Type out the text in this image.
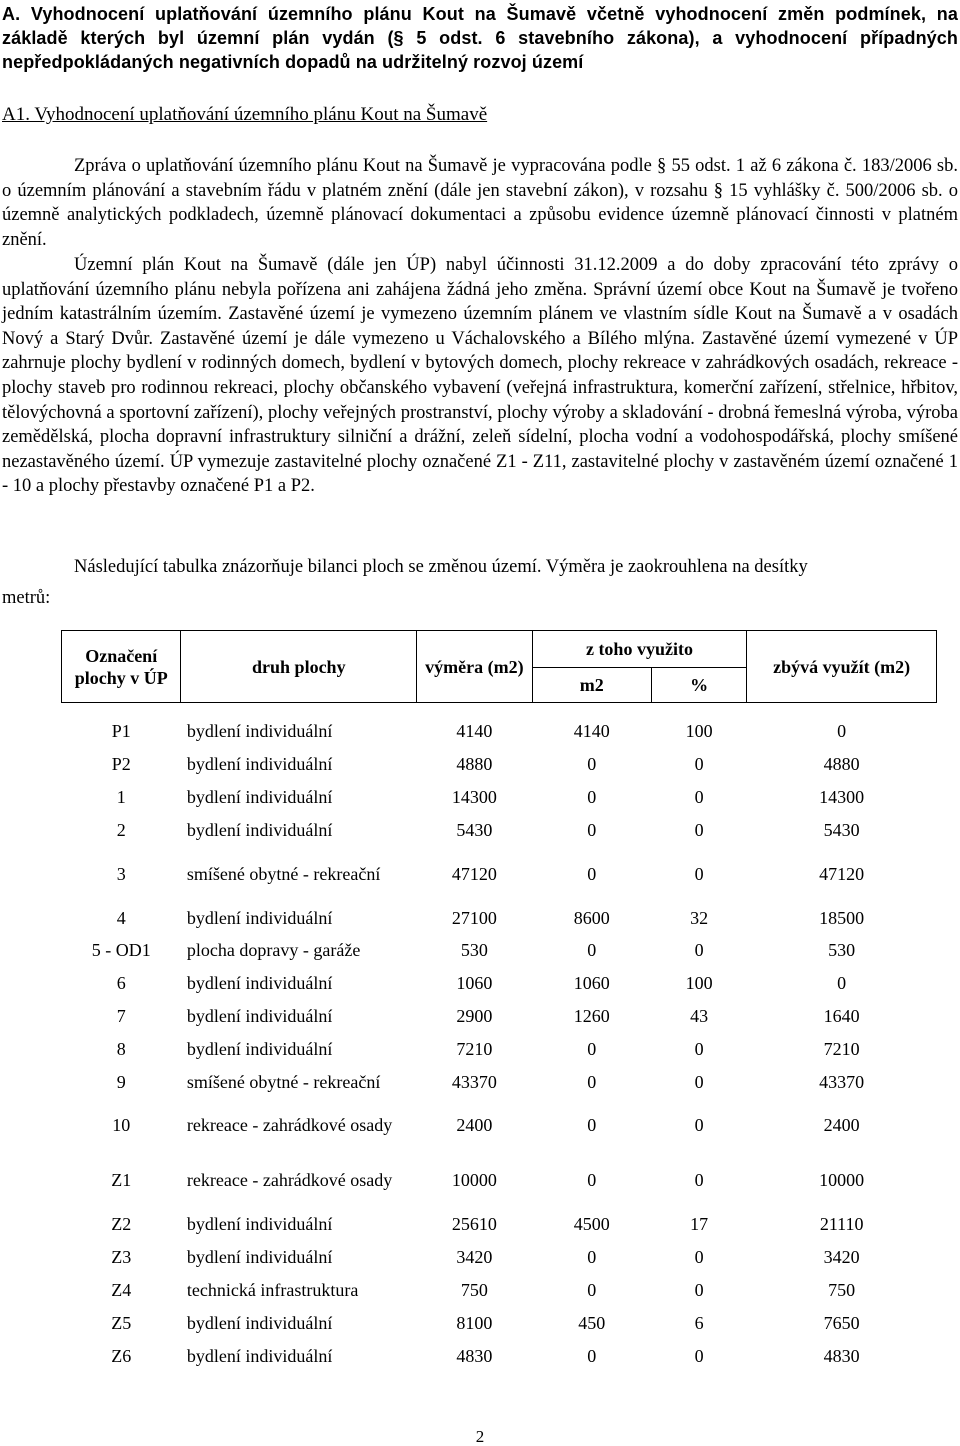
A. Vyhodnocení uplatňování územního plánu Kout na Šumavě včetně vyhodnocení změn podmínek, na základě kterých byl územní plán vydán (§ 5 odst. 6 stavebního zákona), a vyhodnocení případných nepředpokládaných negativních dopadů na udržitelný rozvoj území
A1. Vyhodnocení uplatňování územního plánu Kout na Šumavě
Zpráva o uplatňování územního plánu Kout na Šumavě je vypracována podle § 55 odst. 1 až 6 zákona č. 183/2006 sb. o územním plánování a stavebním řádu v platném znění (dále jen stavební zákon), v rozsahu § 15 vyhlášky č. 500/2006 sb. o územně analytických podkladech, územně plánovací dokumentaci a způsobu evidence územně plánovací činnosti v platném znění.
Územní plán Kout na Šumavě (dále jen ÚP) nabyl účinnosti 31.12.2009 a do doby zpracování této zprávy o uplatňování územního plánu nebyla pořízena ani zahájena žádná jeho změna. Správní území obce Kout na Šumavě je tvořeno jedním katastrálním územím. Zastavěné území je vymezeno územním plánem ve vlastním sídle Kout na Šumavě a v osadách Nový a Starý Dvůr. Zastavěné území je dále vymezeno u Váchalovského a Bílého mlýna. Zastavěné území vymezené v ÚP zahrnuje plochy bydlení v rodinných domech, bydlení v bytových domech, plochy rekreace v zahrádkových osadách, rekreace - plochy staveb pro rodinnou rekreaci, plochy občanského vybavení (veřejná infrastruktura, komerční zařízení, střelnice, hřbitov, tělovýchovná a sportovní zařízení), plochy veřejných prostranství, plochy výroby a skladování - drobná řemeslná výroba, výroba zemědělská, plocha dopravní infrastruktury silniční a drážní, zeleň sídelní, plocha vodní a vodohospodářská, plochy smíšené nezastavěného území. ÚP vymezuje zastavitelné plochy označené Z1 - Z11, zastavitelné plochy v zastavěném území označené 1 - 10 a plochy přestavby označené P1 a P2.
Následující tabulka znázorňuje bilanci ploch se změnou území. Výměra je zaokrouhlena na desítky
metrů:
Označení plochy v ÚP	druh plochy	výměra (m2)	z toho využito		zbývá využít (m2)
			m2	%	
P1	bydlení individuální	4140	4140	100	0
P2	bydlení individuální	4880	0	0	4880
1	bydlení individuální	14300	0	0	14300
2	bydlení individuální	5430	0	0	5430
3	smíšené obytné - rekreační	47120	0	0	47120
4	bydlení individuální	27100	8600	32	18500
5 - OD1	plocha dopravy - garáže	530	0	0	530
6	bydlení individuální	1060	1060	100	0
7	bydlení individuální	2900	1260	43	1640
8	bydlení individuální	7210	0	0	7210
9	smíšené obytné - rekreační	43370	0	0	43370
10	rekreace - zahrádkové osady	2400	0	0	2400
Z1	rekreace - zahrádkové osady	10000	0	0	10000
Z2	bydlení individuální	25610	4500	17	21110
Z3	bydlení individuální	3420	0	0	3420
Z4	technická infrastruktura	750	0	0	750
Z5	bydlení individuální	8100	450	6	7650
Z6	bydlení individuální	4830	0	0	4830
2
